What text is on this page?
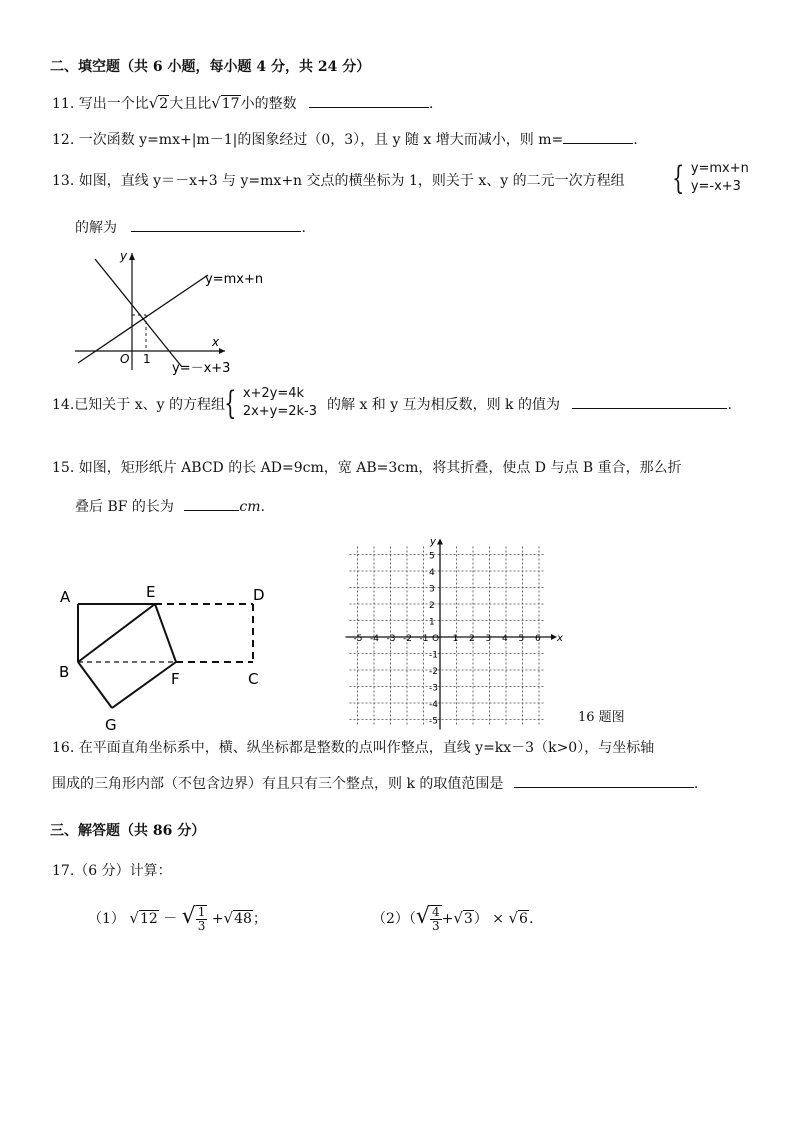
二、填空题（共 6 小题，每小题 4 分，共 24 分）
11. 写出一个比√2大且比√17小的整数	.
12. 一次函数 y=mx+|m－1|的图象经过（0，3），且 y 随 x 增大而减小，则 m=	.
13. 如图，直线 y＝－x+3 与 y=mx+n 交点的横坐标为 1，则关于 x、y 的二元一次方程组 { y=mx+n
y=-x+3
的解为	.
y=mx+n
y=－x+3
y
x
O 1
14.已知关于 x、y 的方程组 { x+2y=4k
2x+y=2k-3 的解 x 和 y 互为相反数，则 k 的值为	.
15. 如图，矩形纸片 ABCD 的长 AD=9cm，宽 AB=3cm，将其折叠，使点 D 与点 B 重合，那么折
叠后 BF 的长为	cm.
A	E	D
B	F	C
G
x
y
-5 -4 -3 -2 -1 O 1 2 3 4 5 6
5
4
3
2
1
-1
-2
-3
-4
-5	16 题图
16. 在平面直角坐标系中，横、纵坐标都是整数的点叫作整点，直线 y=kx－3（k>0），与坐标轴
围成的三角形内部（不包含边界）有且只有三个整点，则 k 的取值范围是	.
三、解答题（共 86 分）
17.（6 分）计算：
（1） √12 － √ $\frac{1}{3} +√48$；	$(2)(√ \frac{4}{3} +√3) \times √6$.
